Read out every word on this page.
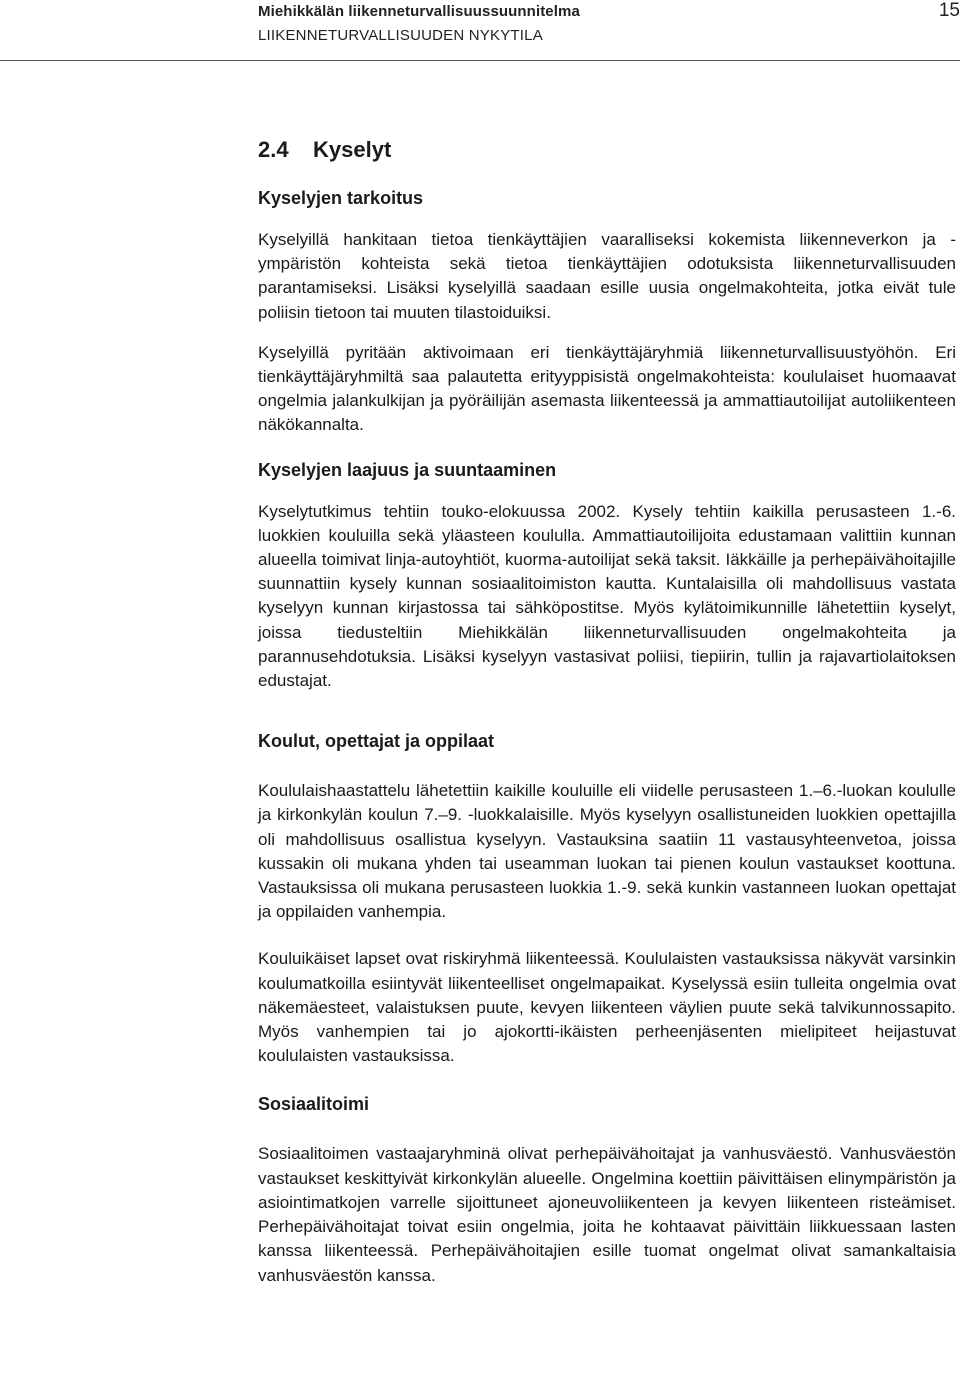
Miehikkälän liikenneturvallisuussuunnitelma
LIIKENNETURVALLISUUDEN NYKYTILA
15
2.4    Kyselyt
Kyselyjen tarkoitus

Kyselyillä hankitaan tietoa tienkäyttäjien vaaralliseksi kokemista liikenneverkon ja -ympäristön kohteista sekä tietoa tienkäyttäjien odotuksista liikenneturvallisuuden parantamiseksi. Lisäksi kyselyillä saadaan esille uusia ongelmakohteita, jotka eivät tule poliisin tietoon tai muuten tilastoiduiksi.

Kyselyillä pyritään aktivoimaan eri tienkäyttäjäryhmiä liikenneturvallisuustyöhön. Eri tienkäyttäjäryhmiltä saa palautetta erityyppisistä ongelmakohteista: koululaiset huomaavat ongelmia jalankulkijan ja pyöräilijän asemasta liikenteessä ja ammattiautoilijat autoliikenteen näkökannalta.

Kyselyjen laajuus ja suuntaaminen

Kyselytutkimus tehtiin touko-elokuussa 2002. Kysely tehtiin kaikilla perusasteen 1.-6. luokkien kouluilla sekä yläasteen koululla. Ammattiautoilijoita edustamaan valittiin kunnan alueella toimivat linja-autoyhtiöt, kuorma-autoilijat sekä taksit. Iäkkäille ja perhepäivähoitajille suunnattiin kysely kunnan sosiaalitoimiston kautta. Kuntalaisilla oli mahdollisuus vastata kyselyyn kunnan kirjastossa tai sähköpostitse. Myös kylätoimikunnille lähetettiin kyselyt, joissa tiedusteltiin Miehikkälän liikenneturvallisuuden ongelmakohteita ja parannusehdotuksia. Lisäksi kyselyyn vastasivat poliisi, tiepiirin, tullin ja rajavartiolaitoksen edustajat.

Koulut, opettajat ja oppilaat

Koululaishaastattelu lähetettiin kaikille kouluille eli viidelle perusasteen 1.–6.-luokan koululle ja kirkonkylän koulun 7.–9. -luokkalaisille. Myös kyselyyn osallistuneiden luokkien opettajilla oli mahdollisuus osallistua kyselyyn. Vastauksina saatiin 11 vastausyhteenvetoa, joissa kussakin oli mukana yhden tai useamman luokan tai pienen koulun vastaukset koottuna. Vastauksissa oli mukana perusasteen luokkia 1.-9. sekä kunkin vastanneen luokan opettajat ja oppilaiden vanhempia.

Kouluikäiset lapset ovat riskiryhmä liikenteessä. Koululaisten vastauksissa näkyvät varsinkin koulumatkoilla esiintyvät liikenteelliset ongelmapaikat. Kyselyssä esiin tulleita ongelmia ovat näkemäesteet, valaistuksen puute, kevyen liikenteen väylien puute sekä talvikunnossapito. Myös vanhempien tai jo ajokortti-ikäisten perheenjäsenten mielipiteet heijastuvat koululaisten vastauksissa.

Sosiaalitoimi

Sosiaalitoimen vastaajaryhminä olivat perhepäivähoitajat ja vanhusväestö. Vanhusväestön vastaukset keskittyivät kirkonkylän alueelle. Ongelmina koettiin päivittäisen elinympäristön ja asiointimatkojen varrelle sijoittuneet ajoneuvoliikenteen ja kevyen liikenteen risteämiset. Perhepäivähoitajat toivat esiin ongelmia, joita he kohtaavat päivittäin liikkuessaan lasten kanssa liikenteessä. Perhepäivähoitajien esille tuomat ongelmat olivat samankaltaisia vanhusväestön kanssa.
